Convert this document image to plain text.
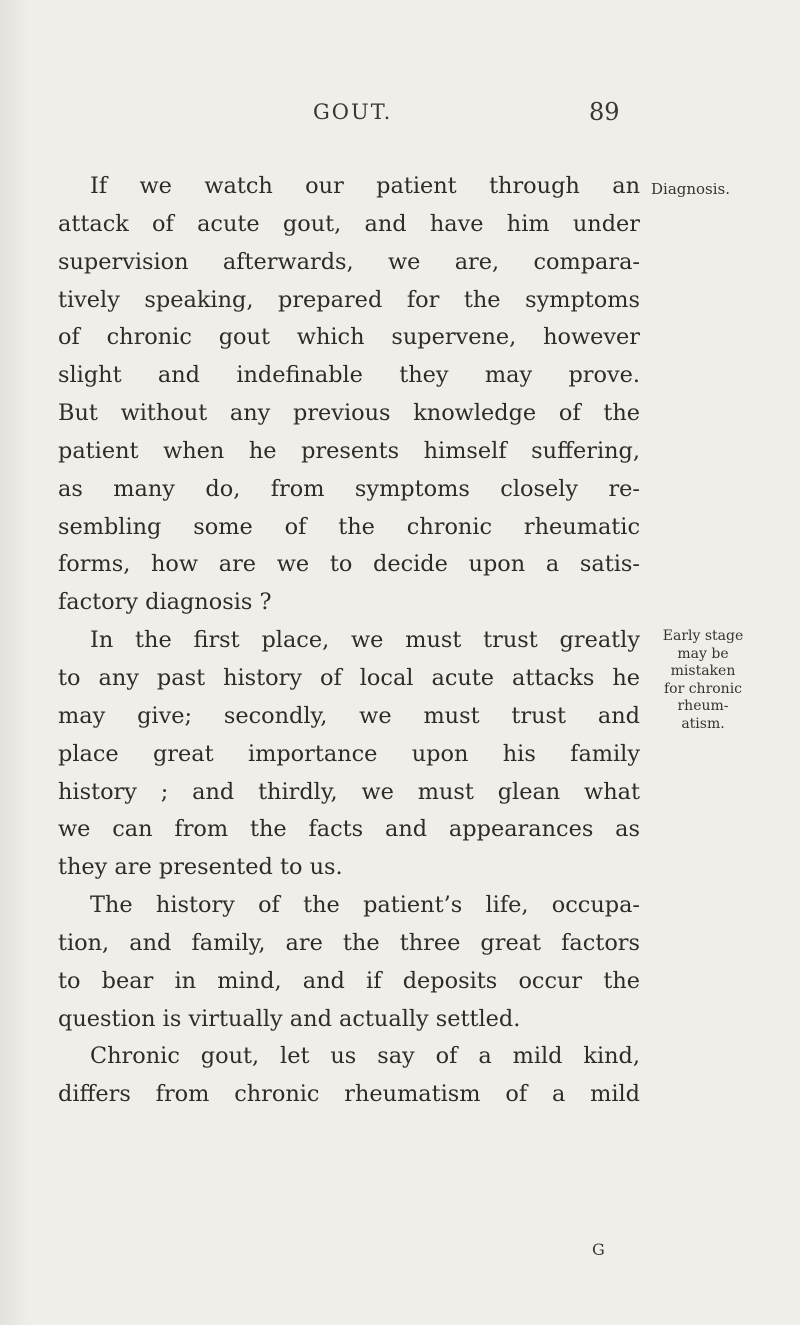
GOUT.	89
Diagnosis.
Early stage
may be
mistaken
for chronic
rheum-
atism.
If we watch our patient through an
attack of acute gout, and have him under
supervision afterwards, we are, compara-
tively speaking, prepared for the symptoms
of chronic gout which supervene, however
slight and indefinable they may prove.
But without any previous knowledge of the
patient when he presents himself suffering,
as many do, from symptoms closely re-
sembling some of the chronic rheumatic
forms, how are we to decide upon a satis-
factory diagnosis ?
In the first place, we must trust greatly
to any past history of local acute attacks he
may give; secondly, we must trust and
place great importance upon his family
history ; and thirdly, we must glean what
we can from the facts and appearances as
they are presented to us.
The history of the patient’s life, occupa-
tion, and family, are the three great factors
to bear in mind, and if deposits occur the
question is virtually and actually settled.
Chronic gout, let us say of a mild kind,
differs from chronic rheumatism of a mild
G
